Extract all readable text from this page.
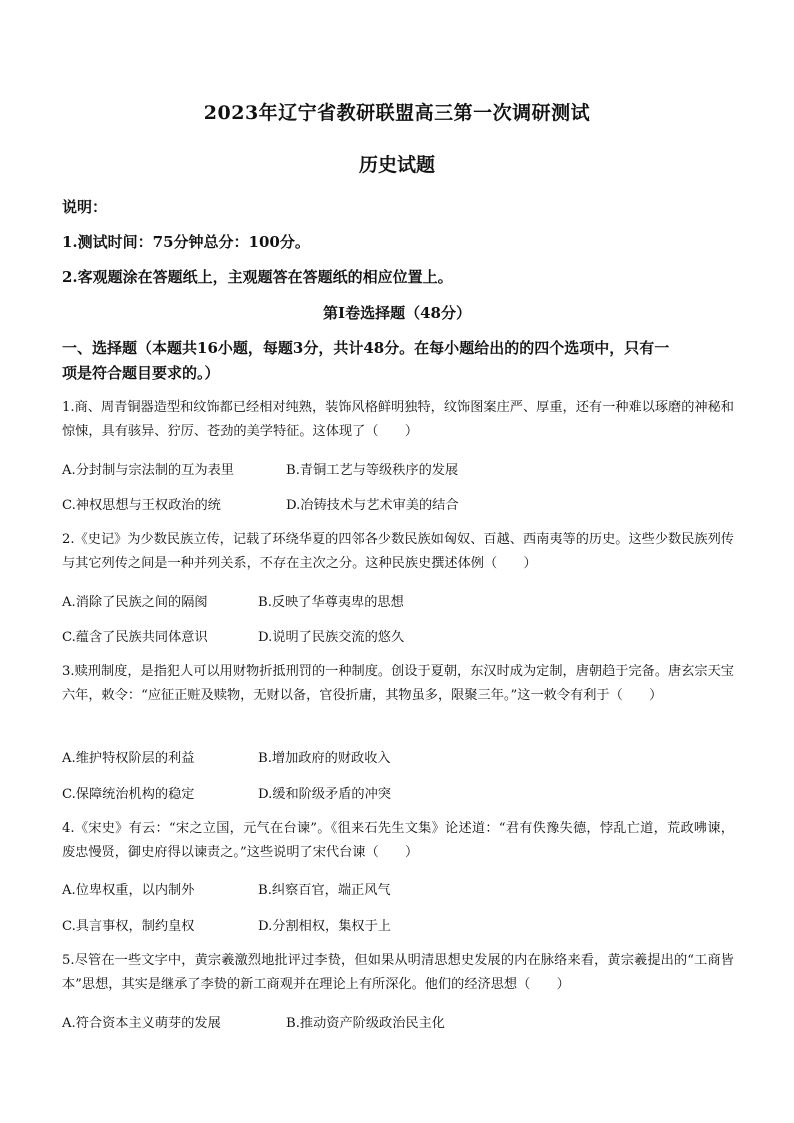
2023年辽宁省教研联盟高三第一次调研测试
历史试题
说明：
1.测试时间：75分钟总分：100分。
2.客观题涂在答题纸上，主观题答在答题纸的相应位置上。
第Ⅰ卷选择题（48分）
一、选择题（本题共16小题，每题3分，共计48分。在每小题给出的的四个选项中，只有一
项是符合题目要求的。）
1.商、周青铜器造型和纹饰都已经相对纯熟，装饰风格鲜明独特，纹饰图案庄严、厚重，还有一种难以琢磨的神秘和惊悚，具有骇异、狞厉、苍劲的美学特征。这体现了（　　）
A.分封制与宗法制的互为表里	B.青铜工艺与等级秩序的发展
C.神权思想与王权政治的统	D.冶铸技术与艺术审美的结合
2.《史记》为少数民族立传，记载了环绕华夏的四邻各少数民族如匈奴、百越、西南夷等的历史。这些少数民族列传与其它列传之间是一种并列关系，不存在主次之分。这种民族史撰述体例（　　）
A.消除了民族之间的隔阂	B.反映了华尊夷卑的思想
C.蕴含了民族共同体意识	D.说明了民族交流的悠久
3.赎刑制度，是指犯人可以用财物折抵刑罚的一种制度。创设于夏朝，东汉时成为定制，唐朝趋于完备。唐玄宗天宝六年，敕令：“应征正赃及赎物，无财以备，官役折庸，其物虽多，限聚三年。”这一敕令有利于（　　）
A.维护特权阶层的利益	B.增加政府的财政收入
C.保障统治机构的稳定	D.缓和阶级矛盾的冲突
4.《宋史》有云：“宋之立国，元气在台谏”。《徂来石先生文集》论述道：“君有佚豫失德，悖乱亡道，荒政咈谏，废忠慢贤，御史府得以谏责之。”这些说明了宋代台谏（　　）
A.位卑权重，以内制外	B.纠察百官，端正风气
C.具言事权，制约皇权	D.分割相权，集权于上
5.尽管在一些文字中，黄宗羲激烈地批评过李贽，但如果从明清思想史发展的内在脉络来看，黄宗羲提出的“工商皆本”思想，其实是继承了李贽的新工商观并在理论上有所深化。他们的经济思想（　　）
A.符合资本主义萌芽的发展	B.推动资产阶级政治民主化
